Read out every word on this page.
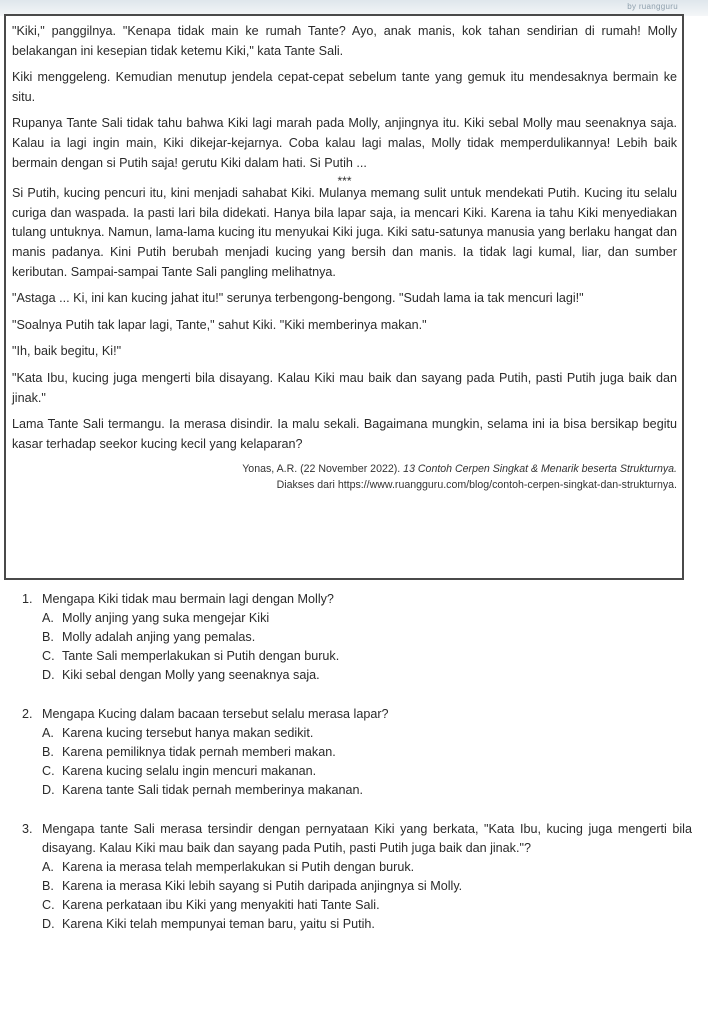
by ruangguru

"Kiki," panggilnya. "Kenapa tidak main ke rumah Tante? Ayo, anak manis, kok tahan sendirian di rumah! Molly belakangan ini kesepian tidak ketemu Kiki," kata Tante Sali.

Kiki menggeleng. Kemudian menutup jendela cepat-cepat sebelum tante yang gemuk itu mendesaknya bermain ke situ.

Rupanya Tante Sali tidak tahu bahwa Kiki lagi marah pada Molly, anjingnya itu. Kiki sebal Molly mau seenaknya saja. Kalau ia lagi ingin main, Kiki dikejar-kejarnya. Coba kalau lagi malas, Molly tidak memperdulikannya! Lebih baik bermain dengan si Putih saja! gerutu Kiki dalam hati. Si Putih ...

***

Si Putih, kucing pencuri itu, kini menjadi sahabat Kiki. Mulanya memang sulit untuk mendekati Putih. Kucing itu selalu curiga dan waspada. Ia pasti lari bila didekati. Hanya bila lapar saja, ia mencari Kiki. Karena ia tahu Kiki menyediakan tulang untuknya. Namun, lama-lama kucing itu menyukai Kiki juga. Kiki satu-satunya manusia yang berlaku hangat dan manis padanya. Kini Putih berubah menjadi kucing yang bersih dan manis. Ia tidak lagi kumal, liar, dan sumber keributan. Sampai-sampai Tante Sali pangling melihatnya.

"Astaga ... Ki, ini kan kucing jahat itu!" serunya terbengong-bengong. "Sudah lama ia tak mencuri lagi!"

"Soalnya Putih tak lapar lagi, Tante," sahut Kiki. "Kiki memberinya makan."

"Ih, baik begitu, Ki!"

"Kata Ibu, kucing juga mengerti bila disayang. Kalau Kiki mau baik dan sayang pada Putih, pasti Putih juga baik dan jinak."

Lama Tante Sali termangu. Ia merasa disindir. Ia malu sekali. Bagaimana mungkin, selama ini ia bisa bersikap begitu kasar terhadap seekor kucing kecil yang kelaparan?

Yonas, A.R. (22 November 2022). 13 Contoh Cerpen Singkat & Menarik beserta Strukturnya.
Diakses dari https://www.ruangguru.com/blog/contoh-cerpen-singkat-dan-strukturnya.
1. Mengapa Kiki tidak mau bermain lagi dengan Molly?
A. Molly anjing yang suka mengejar Kiki
B. Molly adalah anjing yang pemalas.
C. Tante Sali memperlakukan si Putih dengan buruk.
D. Kiki sebal dengan Molly yang seenaknya saja.
2. Mengapa Kucing dalam bacaan tersebut selalu merasa lapar?
A. Karena kucing tersebut hanya makan sedikit.
B. Karena pemiliknya tidak pernah memberi makan.
C. Karena kucing selalu ingin mencuri makanan.
D. Karena tante Sali tidak pernah memberinya makanan.
3. Mengapa tante Sali merasa tersindir dengan pernyataan Kiki yang berkata, "Kata Ibu, kucing juga mengerti bila disayang. Kalau Kiki mau baik dan sayang pada Putih, pasti Putih juga baik dan jinak."?
A. Karena ia merasa telah memperlakukan si Putih dengan buruk.
B. Karena ia merasa Kiki lebih sayang si Putih daripada anjingnya si Molly.
C. Karena perkataan ibu Kiki yang menyakiti hati Tante Sali.
D. Karena Kiki telah mempunyai teman baru, yaitu si Putih.
